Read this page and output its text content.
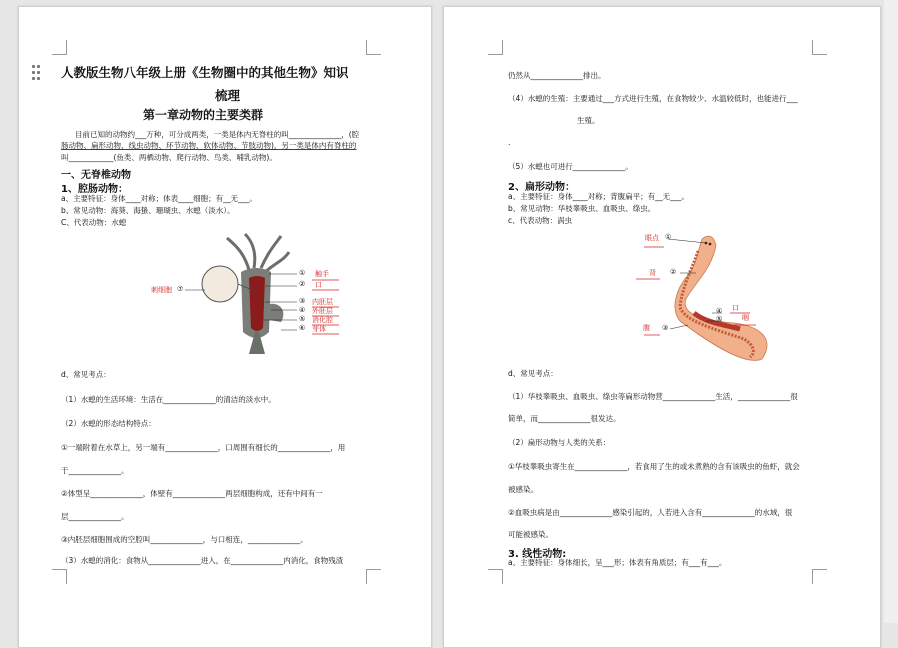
人教版生物八年级上册《生物圈中的其他生物》知识
梳理
第一章动物的主要类群
目前已知的动物约___万种，可分成两类，一类是体内无脊柱的叫______________，(腔
肠动物、扁形动物、线虫动物、环节动物、软体动物、节肢动物)，另一类是体内有脊柱的
叫____________(鱼类、两栖动物、爬行动物、鸟类、哺乳动物)。
一、无脊椎动物
1、腔肠动物：
a、主要特征：身体____对称；体表____细胞；有__无___。
b、常见动物：海葵、海蛰、珊瑚虫、水螅（淡水）。
C、代表动物：水螅
① 触手
② 口
③ 内胚层
④ 外胚层
⑤ 消化腔
⑥ 芽体
刺细胞 ⑦
d、常见考点：
（1）水螅的生活环境：生活在______________的清洁的淡水中。
（2）水螅的形态结构特点：
①一端附着在水草上，另一端有______________，口周围有细长的______________，用
于______________。
②体型呈______________，体壁有______________两层细胞构成，还有中间有一
层______________。
③内胚层细胞围成的空腔叫______________，与口相连，______________。
（3）水螅的消化：食物从______________进入，在______________内消化，食物残渣
仍然从______________排出。
（4）水螅的生殖：主要通过___方式进行生殖，在食物较少、水温较低时，也能进行___
生殖。
.
（5）水螅也可进行______________。
2、扁形动物：
a、主要特征：身体____对称；背腹扁平；有__无___。
b、常见动物：华枝睾吸虫、血吸虫、绦虫。
c、代表动物：涡虫
眼点 ①
背 ②
④ 口
⑤	咽
腹 ③
d、常见考点：
（1）华枝睾吸虫、血吸虫、绦虫等扁形动物营______________生活，______________很
简单，而______________很发达。
（2）扁形动物与人类的关系：
①华枝睾吸虫寄生在______________，若食用了生的或未煮熟的含有该吸虫的鱼虾，就会
被感染。
②血吸虫病是由______________感染引起的，人若进入含有______________的水域，很
可能被感染。
3. 线性动物:
a、主要特征：身体细长，呈___形；体表有角质层；有___有___。
